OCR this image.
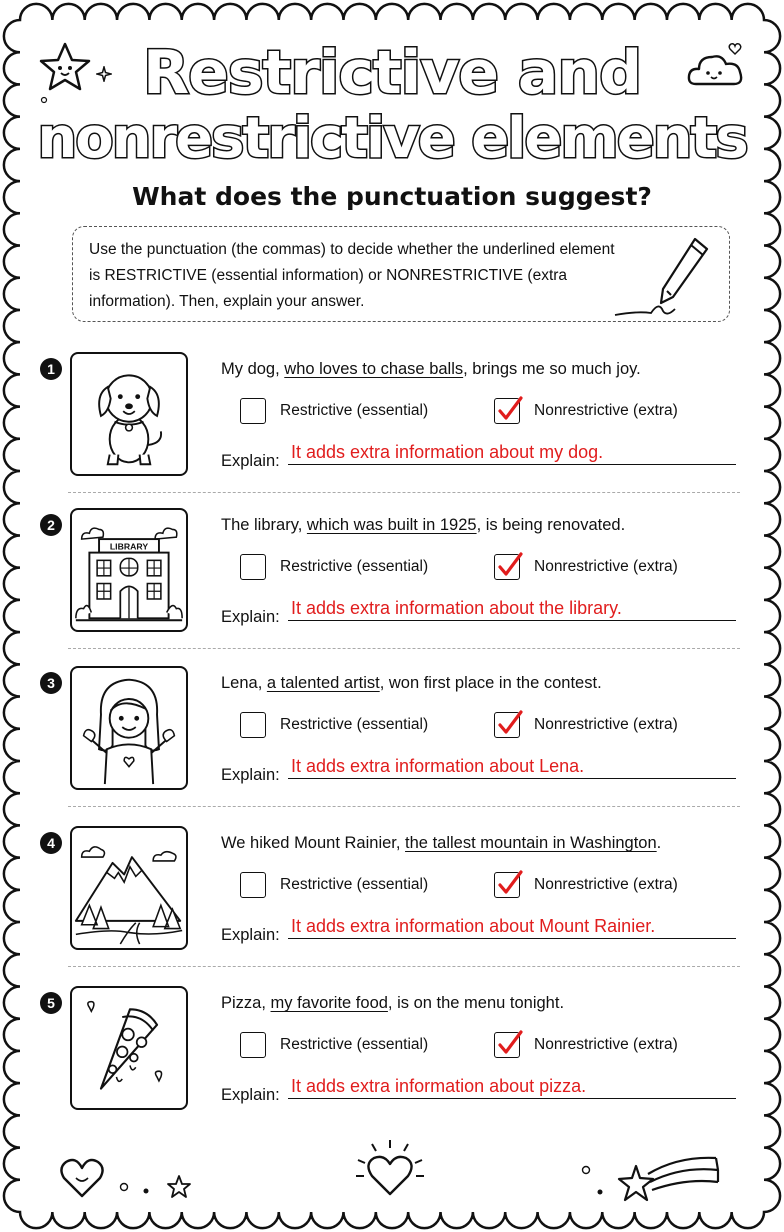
Restrictive and
nonrestrictive elements
What does the punctuation suggest?
Use the punctuation (the commas) to decide whether the underlined element is RESTRICTIVE (essential information) or NONRESTRICTIVE (extra information). Then, explain your answer.
1	My dog, who loves to chase balls, brings me so much joy.
Restrictive (essential)	Nonrestrictive (extra)
Explain: It adds extra information about my dog.
2
LIBRARY
The library, which was built in 1925, is being renovated.
Restrictive (essential)	Nonrestrictive (extra)
Explain: It adds extra information about the library.
3	Lena, a talented artist, won first place in the contest.
Restrictive (essential)	Nonrestrictive (extra)
Explain: It adds extra information about Lena.
4	We hiked Mount Rainier, the tallest mountain in Washington.
Restrictive (essential)	Nonrestrictive (extra)
Explain: It adds extra information about Mount Rainier.
5	Pizza, my favorite food, is on the menu tonight.
Restrictive (essential)	Nonrestrictive (extra)
Explain: It adds extra information about pizza.
